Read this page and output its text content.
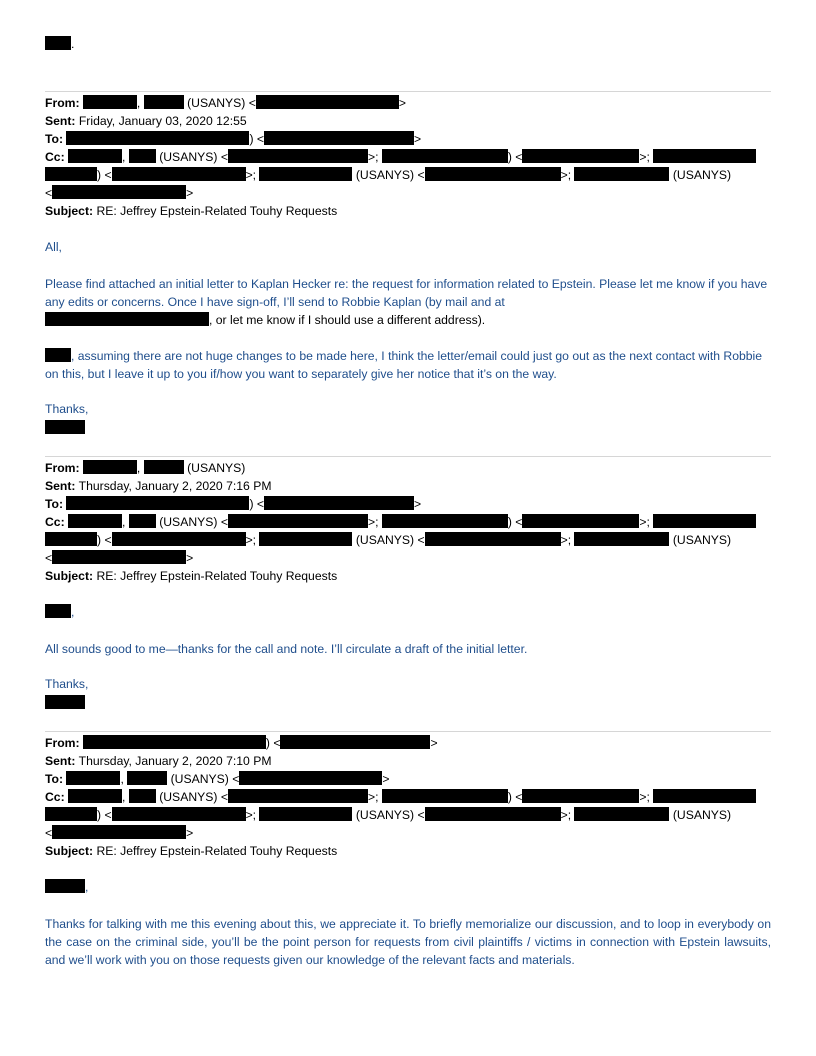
.
From:	,	(USANYS) <	>
Sent: Friday, January 03, 2020 12:55
To:	) <	>
Cc:	,  (USANYS) <	>;	) <	>;
) <	>;	(USANYS) <	>;	(USANYS)
<	>
Subject: RE: Jeffrey Epstein-Related Touhy Requests
All,
Please find attached an initial letter to Kaplan Hecker re: the request for information related to Epstein. Please let me know if you have any edits or concerns. Once I have sign-off, I’ll send to Robbie Kaplan (by mail and at
, or let me know if I should use a different address).
, assuming there are not huge changes to be made here, I think the letter/email could just go out as the next contact with Robbie on this, but I leave it up to you if/how you want to separately give her notice that it’s on the way.
Thanks,
From:	,	(USANYS)
Sent: Thursday, January 2, 2020 7:16 PM
To:	) <	>
Cc:	,  (USANYS) <	>;	) <	>;
) <	>;	(USANYS) <	>;	(USANYS)
<	>
Subject: RE: Jeffrey Epstein-Related Touhy Requests
,
All sounds good to me—thanks for the call and note. I’ll circulate a draft of the initial letter.
Thanks,
From:	) <	>
Sent: Thursday, January 2, 2020 7:10 PM
To:	,	(USANYS) <	>
Cc:	,  (USANYS) <	>;	) <	>;
) <	>;	(USANYS) <	>;	(USANYS)
<	>
Subject: RE: Jeffrey Epstein-Related Touhy Requests
,
Thanks for talking with me this evening about this, we appreciate it. To briefly memorialize our discussion, and to loop in everybody on the case on the criminal side, you’ll be the point person for requests from civil plaintiffs / victims in connection with Epstein lawsuits, and we’ll work with you on those requests given our knowledge of the relevant facts and materials.
